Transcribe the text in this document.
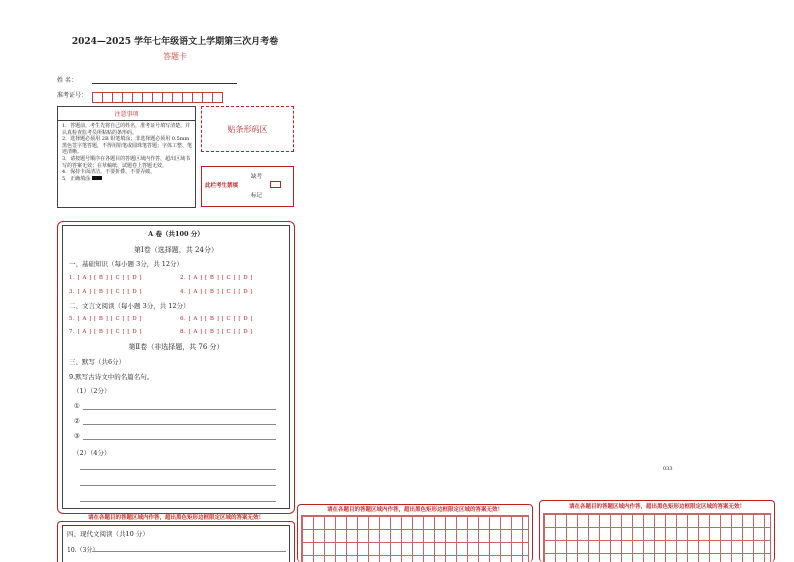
2024—2025 学年七年级语文上学期第三次月考卷
答题卡
姓 名：
准考证号：
注意事项
1．答题前，考生先将自己的姓名，准考证号填写清楚，并认真检查监考员所粘贴的条形码。
2．选择题必须用 2B 铅笔填涂；非选择题必须用 0.5mm 黑色签字笔答题，不得用铅笔或圆珠笔答题；字体工整、笔迹清晰。
3．请按题号顺序在各题目的答题区域内作答，超出区域书写的答案无效；在草稿纸、试题卷上答题无效。
4．保持卡面清洁，不要折叠、不要弄破。
5．正确填涂
贴条形码区
缺考
此栏考生禁填
标记
A 卷（共100 分）
第Ⅰ卷（选择题，共 24分）
一、基础知识（每小题 3分，共 12分）
1. [ A ] [ B ] [ C ] [ D ]	2. [ A ] [ B ] [ C ] [ D ]
3. [ A ] [ B ] [ C ] [ D ]	4. [ A ] [ B ] [ C ] [ D ]
二、文言文阅读（每小题 3分，共 12分）
5. [ A ] [ B ] [ C ] [ D ]	6. [ A ] [ B ] [ C ] [ D ]
7. [ A ] [ B ] [ C ] [ D ]	8. [ A ] [ B ] [ C ] [ D ]
第Ⅱ卷（非选择题，共 76 分）
三、默写（共6分）
9.默写古诗文中的名篇名句。
（1）（2分）
①
②
③
（2）（4分）
请在各题目的答题区域内作答，超出黑色矩形边框限定区域的答案无效！
四、现代文阅读（共10 分）
10.（3分）
033
请在各题目的答题区域内作答，超出黑色矩形边框限定区域的答案无效！	请在各题目的答题区域内作答，超出黑色矩形边框限定区域的答案无效！
